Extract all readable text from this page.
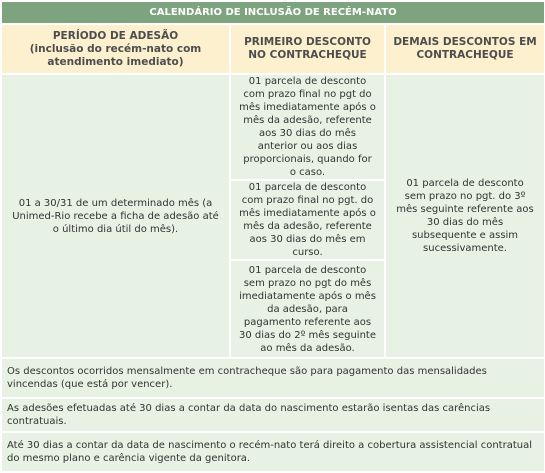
CALENDÁRIO DE INCLUSÃO DE RECÉM-NATO		

PERÍODO DE ADESÃO
(inclusão do recém-nato com atendimento imediato)	PRIMEIRO DESCONTO NO CONTRACHEQUE	DEMAIS DESCONTOS EM CONTRACHEQUE
01 a 30/31 de um determinado mês (a Unimed-Rio recebe a ficha de adesão até o último dia útil do mês).	01 parcela de desconto com prazo final no pgt do mês imediatamente após o mês da adesão, referente aos 30 dias do mês anterior ou aos dias proporcionais, quando for o caso.	01 parcela de desconto sem prazo no pgt. do 3º mês seguinte referente aos 30 dias do mês subsequente e assim sucessivamente.
	01 parcela de desconto com prazo final no pgt. do mês imediatamente após o mês da adesão, referente aos 30 dias do mês em curso.	
	01 parcela de desconto sem prazo no pgt do mês imediatamente após o mês da adesão, para pagamento referente aos 30 dias do 2º mês seguinte ao mês da adesão.	
Os descontos ocorridos mensalmente em contracheque são para pagamento das mensalidades vincendas (que está por vencer).		
As adesões efetuadas até 30 dias a contar da data do nascimento estarão isentas das carências contratuais.		
Até 30 dias a contar da data de nascimento o recém-nato terá direito a cobertura assistencial contratual do mesmo plano e carência vigente da genitora.		
